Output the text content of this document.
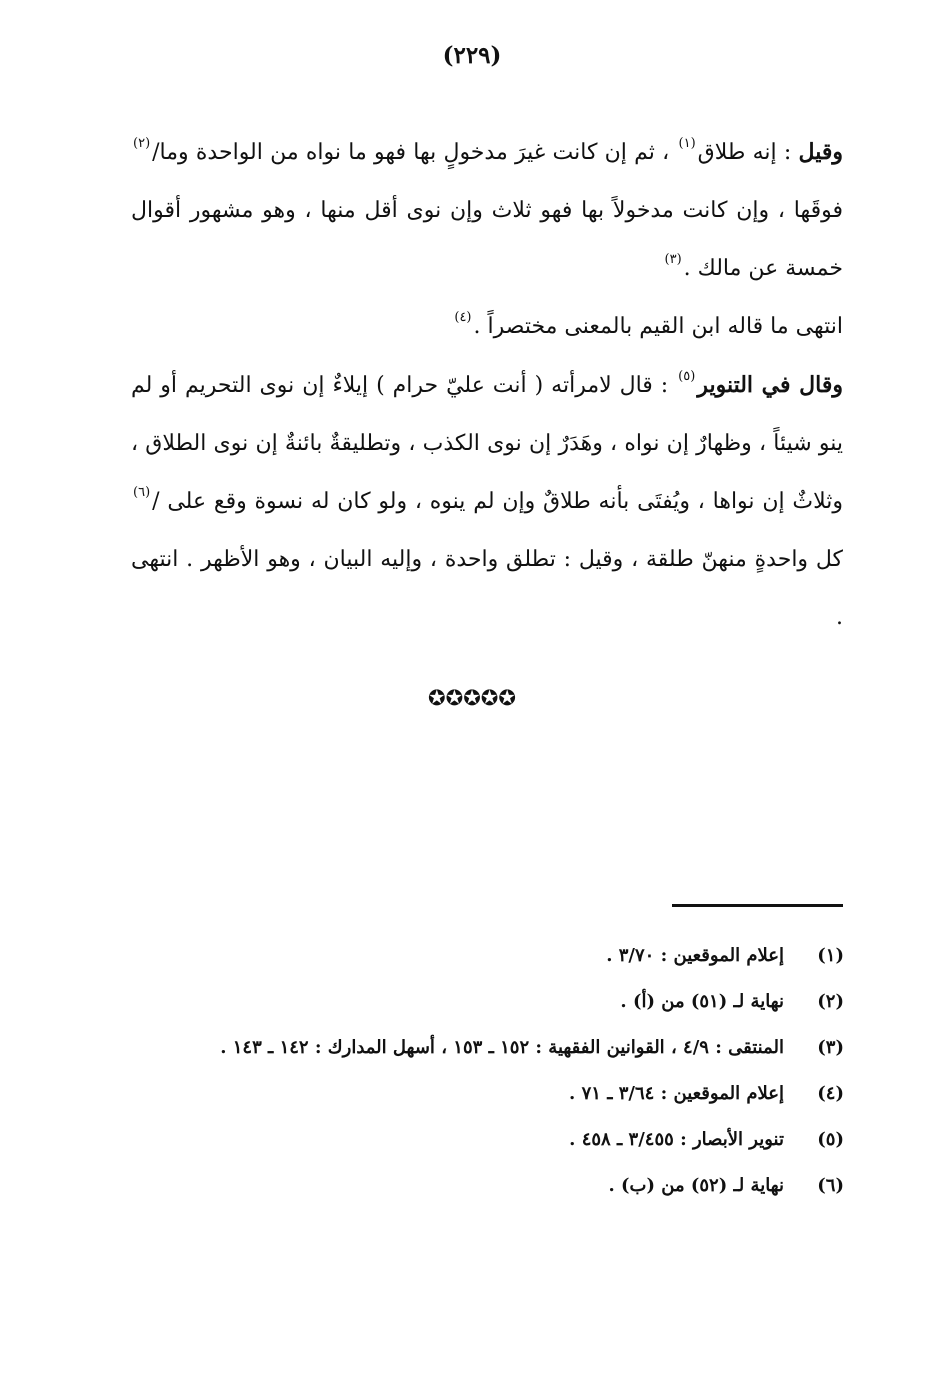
(٢٢٩)

وقيل : إنه طلاق$^{(١)}$ ، ثم إن كانت غيرَ مدخولٍ بها فهو ما نواه من الواحدة وما/$^{(٢)}$ فوقَها ، وإن كانت مدخولاً بها فهو ثلاث وإن نوى أقل منها ، وهو مشهور أقوال خمسة عن مالك .$^{(٣)}$

انتهى ما قاله ابن القيم بالمعنى مختصراً .$^{(٤)}$

وقال في التنوير$^{(٥)}$ : قال لامرأته ( أنت عليّ حرام ) إيلاءٌ إن نوى التحريم أو لم ينو شيئاً ، وظهارٌ إن نواه ، وهَدَرٌ إن نوى الكذب ، وتطليقةٌ بائنةٌ إن نوى الطلاق ، وثلاثٌ إن نواها ، ويُفتَى بأنه طلاقٌ وإن لم ينوه ، ولو كان له نسوة وقع على /$^{(٦)}$ كل واحدةٍ منهنّ طلقة ، وقيل : تطلق واحدة ، وإليه البيان ، وهو الأظهر . انتهى .

✪✪✪✪✪
(١)
إعلام الموقعين : ٣/٧٠ .
(٢)
نهاية لـ (٥١) من (أ) .
(٣)
المنتقى : ٤/٩ ، القوانين الفقهية : ١٥٢ ـ ١٥٣ ، أسهل المدارك : ١٤٢ ـ ١٤٣ .
(٤)
إعلام الموقعين : ٣/٦٤ ـ ٧١ .
(٥)
تنوير الأبصار : ٣/٤٥٥ ـ ٤٥٨ .
(٦)
نهاية لـ (٥٢) من (ب) .
